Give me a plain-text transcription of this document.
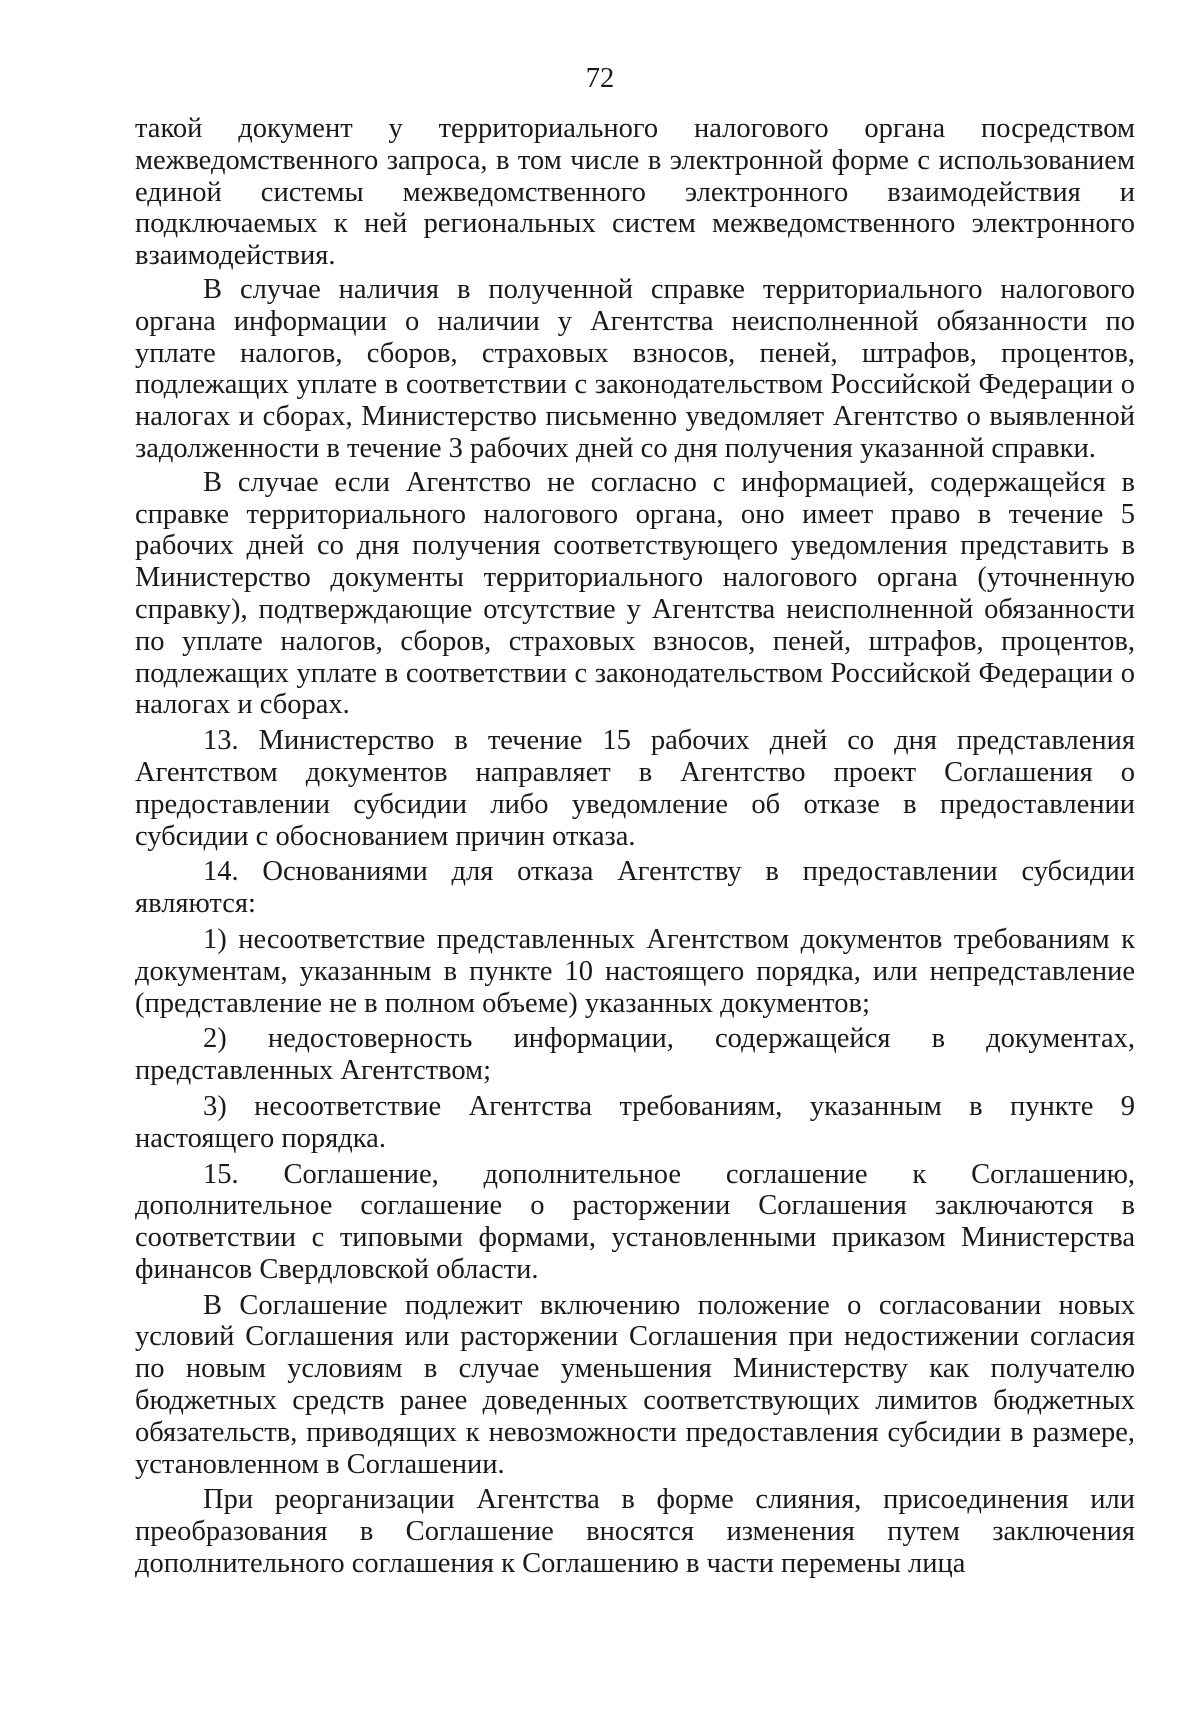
72

такой документ у территориального налогового органа посредством межведомственного запроса, в том числе в электронной форме с использованием единой системы межведомственного электронного взаимодействия и подключаемых к ней региональных систем межведомственного электронного взаимодействия.

В случае наличия в полученной справке территориального налогового органа информации о наличии у Агентства неисполненной обязанности по уплате налогов, сборов, страховых взносов, пеней, штрафов, процентов, подлежащих уплате в соответствии с законодательством Российской Федерации о налогах и сборах, Министерство письменно уведомляет Агентство о выявленной задолженности в течение 3 рабочих дней со дня получения указанной справки.

В случае если Агентство не согласно с информацией, содержащейся в справке территориального налогового органа, оно имеет право в течение 5 рабочих дней со дня получения соответствующего уведомления представить в Министерство документы территориального налогового органа (уточненную справку), подтверждающие отсутствие у Агентства неисполненной обязанности по уплате налогов, сборов, страховых взносов, пеней, штрафов, процентов, подлежащих уплате в соответствии с законодательством Российской Федерации о налогах и сборах.

13. Министерство в течение 15 рабочих дней со дня представления Агентством документов направляет в Агентство проект Соглашения о предоставлении субсидии либо уведомление об отказе в предоставлении субсидии с обоснованием причин отказа.

14. Основаниями для отказа Агентству в предоставлении субсидии являются:

1) несоответствие представленных Агентством документов требованиям к документам, указанным в пункте 10 настоящего порядка, или непредставление (представление не в полном объеме) указанных документов;

2) недостоверность информации, содержащейся в документах, представленных Агентством;

3) несоответствие Агентства требованиям, указанным в пункте 9 настоящего порядка.

15. Соглашение, дополнительное соглашение к Соглашению, дополнительное соглашение о расторжении Соглашения заключаются в соответствии с типовыми формами, установленными приказом Министерства финансов Свердловской области.

В Соглашение подлежит включению положение о согласовании новых условий Соглашения или расторжении Соглашения при недостижении согласия по новым условиям в случае уменьшения Министерству как получателю бюджетных средств ранее доведенных соответствующих лимитов бюджетных обязательств, приводящих к невозможности предоставления субсидии в размере, установленном в Соглашении.

При реорганизации Агентства в форме слияния, присоединения или преобразования в Соглашение вносятся изменения путем заключения дополнительного соглашения к Соглашению в части перемены лица
